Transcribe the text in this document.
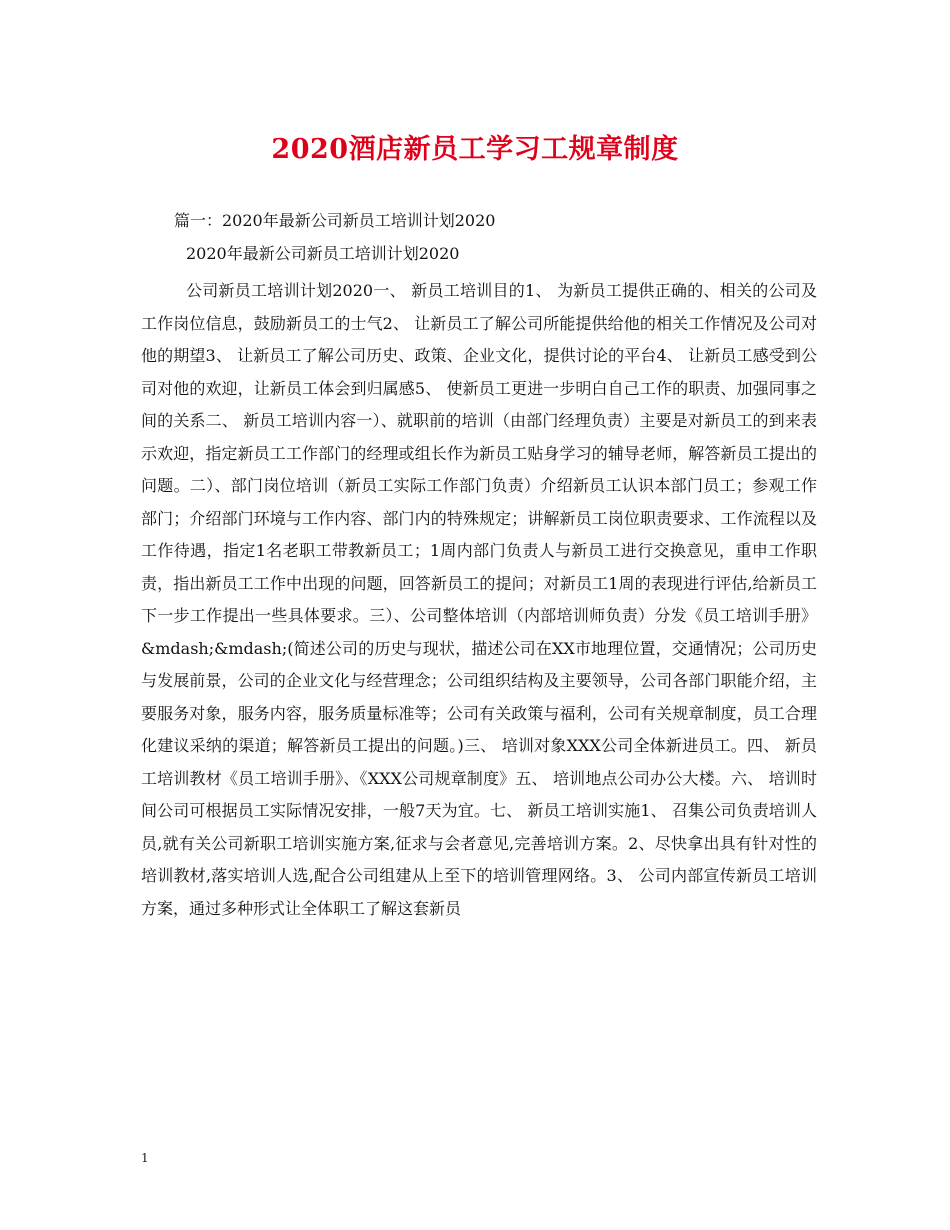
2020酒店新员工学习工规章制度
篇一：2020年最新公司新员工培训计划2020
2020年最新公司新员工培训计划2020

公司新员工培训计划2020一、 新员工培训目的1、 为新员工提供正确的、相关的公司及工作岗位信息，鼓励新员工的士气2、 让新员工了解公司所能提供给他的相关工作情况及公司对他的期望3、 让新员工了解公司历史、政策、企业文化，提供讨论的平台4、 让新员工感受到公司对他的欢迎，让新员工体会到归属感5、 使新员工更进一步明白自己工作的职责、加强同事之间的关系二、 新员工培训内容一）、就职前的培训（由部门经理负责）主要是对新员工的到来表示欢迎，指定新员工工作部门的经理或组长作为新员工贴身学习的辅导老师，解答新员工提出的问题。二）、部门岗位培训（新员工实际工作部门负责）介绍新员工认识本部门员工；参观工作部门；介绍部门环境与工作内容、部门内的特殊规定；讲解新员工岗位职责要求、工作流程以及工作待遇，指定1名老职工带教新员工；1周内部门负责人与新员工进行交换意见，重申工作职责，指出新员工工作中出现的问题，回答新员工的提问；对新员工1周的表现进行评估,给新员工下一步工作提出一些具体要求。三）、公司整体培训（内部培训师负责）分发《员工培训手册》&mdash;&mdash;(简述公司的历史与现状，描述公司在XX市地理位置，交通情况；公司历史与发展前景，公司的企业文化与经营理念；公司组织结构及主要领导，公司各部门职能介绍，主要服务对象，服务内容，服务质量标准等；公司有关政策与福利，公司有关规章制度，员工合理化建议采纳的渠道；解答新员工提出的问题。)三、 培训对象XXX公司全体新进员工。四、 新员工培训教材《员工培训手册》、《XXX公司规章制度》五、 培训地点公司办公大楼。六、 培训时间公司可根据员工实际情况安排，一般7天为宜。七、 新员工培训实施1、 召集公司负责培训人员,就有关公司新职工培训实施方案,征求与会者意见,完善培训方案。2、尽快拿出具有针对性的培训教材,落实培训人选,配合公司组建从上至下的培训管理网络。3、 公司内部宣传新员工培训方案，通过多种形式让全体职工了解这套新员

1
